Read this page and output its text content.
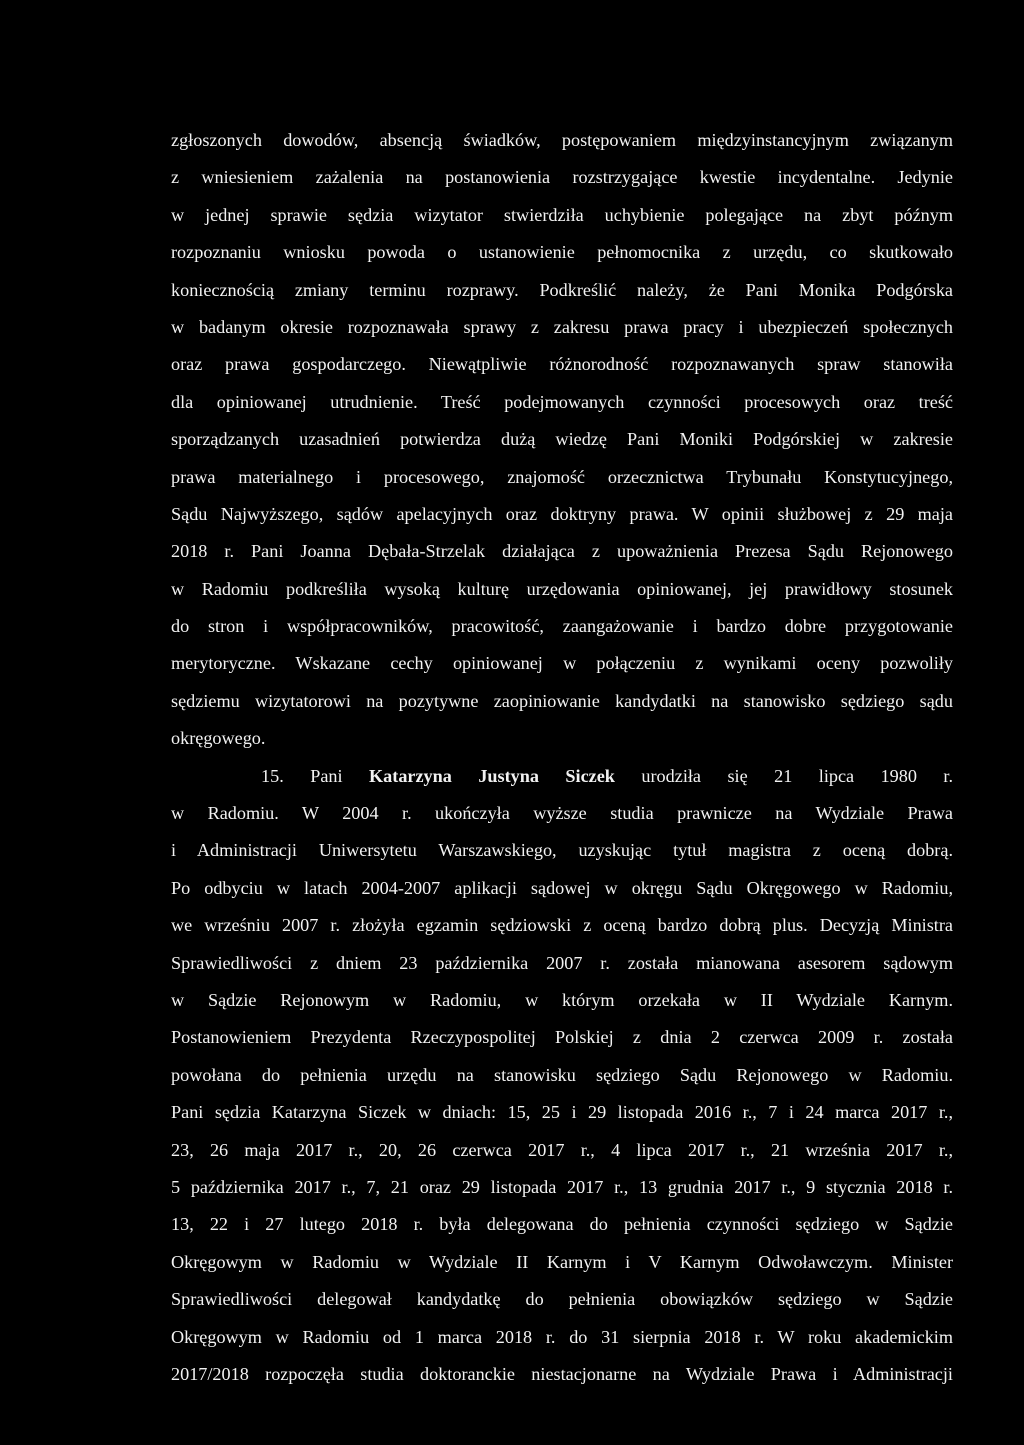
zgłoszonych dowodów, absencją świadków, postępowaniem międzyinstancyjnym związanym
z wniesieniem zażalenia na postanowienia rozstrzygające kwestie incydentalne. Jedynie
w jednej sprawie sędzia wizytator stwierdziła uchybienie polegające na zbyt późnym
rozpoznaniu wniosku powoda o ustanowienie pełnomocnika z urzędu, co skutkowało
koniecznością zmiany terminu rozprawy. Podkreślić należy, że Pani Monika Podgórska
w badanym okresie rozpoznawała sprawy z zakresu prawa pracy i ubezpieczeń społecznych
oraz prawa gospodarczego. Niewątpliwie różnorodność rozpoznawanych spraw stanowiła
dla opiniowanej utrudnienie. Treść podejmowanych czynności procesowych oraz treść
sporządzanych uzasadnień potwierdza dużą wiedzę Pani Moniki Podgórskiej w zakresie
prawa materialnego i procesowego, znajomość orzecznictwa Trybunału Konstytucyjnego,
Sądu Najwyższego, sądów apelacyjnych oraz doktryny prawa. W opinii służbowej z 29 maja
2018 r. Pani Joanna Dębała-Strzelak działająca z upoważnienia Prezesa Sądu Rejonowego
w Radomiu podkreśliła wysoką kulturę urzędowania opiniowanej, jej prawidłowy stosunek
do stron i współpracowników, pracowitość, zaangażowanie i bardzo dobre przygotowanie
merytoryczne. Wskazane cechy opiniowanej w połączeniu z wynikami oceny pozwoliły
sędziemu wizytatorowi na pozytywne zaopiniowanie kandydatki na stanowisko sędziego sądu
okręgowego.
15. Pani Katarzyna Justyna Siczek urodziła się 21 lipca 1980 r.
w Radomiu. W 2004 r. ukończyła wyższe studia prawnicze na Wydziale Prawa
i Administracji Uniwersytetu Warszawskiego, uzyskując tytuł magistra z oceną dobrą.
Po odbyciu w latach 2004-2007 aplikacji sądowej w okręgu Sądu Okręgowego w Radomiu,
we wrześniu 2007 r. złożyła egzamin sędziowski z oceną bardzo dobrą plus. Decyzją Ministra
Sprawiedliwości z dniem 23 października 2007 r. została mianowana asesorem sądowym
w Sądzie Rejonowym w Radomiu, w którym orzekała w II Wydziale Karnym.
Postanowieniem Prezydenta Rzeczypospolitej Polskiej z dnia 2 czerwca 2009 r. została
powołana do pełnienia urzędu na stanowisku sędziego Sądu Rejonowego w Radomiu.
Pani sędzia Katarzyna Siczek w dniach: 15, 25 i 29 listopada 2016 r., 7 i 24 marca 2017 r.,
23, 26 maja 2017 r., 20, 26 czerwca 2017 r., 4 lipca 2017 r., 21 września 2017 r.,
5 października 2017 r., 7, 21 oraz 29 listopada 2017 r., 13 grudnia 2017 r., 9 stycznia 2018 r.
13, 22 i 27 lutego 2018 r. była delegowana do pełnienia czynności sędziego w Sądzie
Okręgowym w Radomiu w Wydziale II Karnym i V Karnym Odwoławczym. Minister
Sprawiedliwości delegował kandydatkę do pełnienia obowiązków sędziego w Sądzie
Okręgowym w Radomiu od 1 marca 2018 r. do 31 sierpnia 2018 r. W roku akademickim
2017/2018 rozpoczęła studia doktoranckie niestacjonarne na Wydziale Prawa i Administracji
